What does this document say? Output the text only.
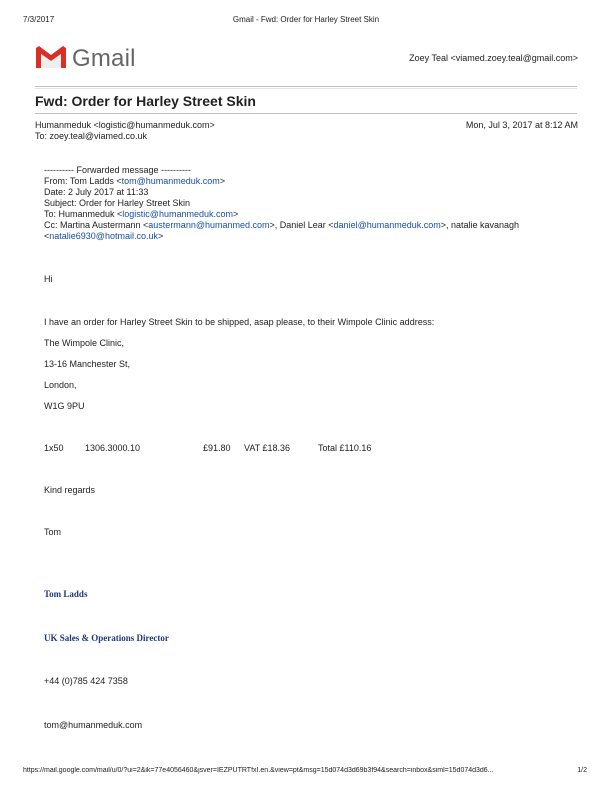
7/3/2017	Gmail - Fwd: Order for Harley Street Skin
Gmail	Zoey Teal <viamed.zoey.teal@gmail.com>
Fwd: Order for Harley Street Skin
Humanmeduk <logistic@humanmeduk.com>	Mon, Jul 3, 2017 at 8:12 AM
To: zoey.teal@viamed.co.uk
---------- Forwarded message ----------
From: Tom Ladds <tom@humanmeduk.com>
Date: 2 July 2017 at 11:33
Subject: Order for Harley Street Skin
To: Humanmeduk <logistic@humanmeduk.com>
Cc: Martina Austermann <austermann@humanmed.com>, Daniel Lear <daniel@humanmeduk.com>, natalie kavanagh
<natalie6930@hotmail.co.uk>
Hi
I have an order for Harley Street Skin to be shipped, asap please, to their Wimpole Clinic address:
The Wimpole Clinic,
13-16 Manchester St,
London,
W1G 9PU
1x50 1306.3000.10	£91.80 VAT £18.36	Total £110.16
Kind regards
Tom
Tom Ladds
UK Sales & Operations Director
+44 (0)785 424 7358
tom@humanmeduk.com
https://mail.google.com/mail/u/0/?ui=2&ik=77e4056460&jsver=IEZPUTRTfxI.en.&view=pt&msg=15d074d3d69b3f94&search=inbox&siml=15d074d3d6...	1/2
